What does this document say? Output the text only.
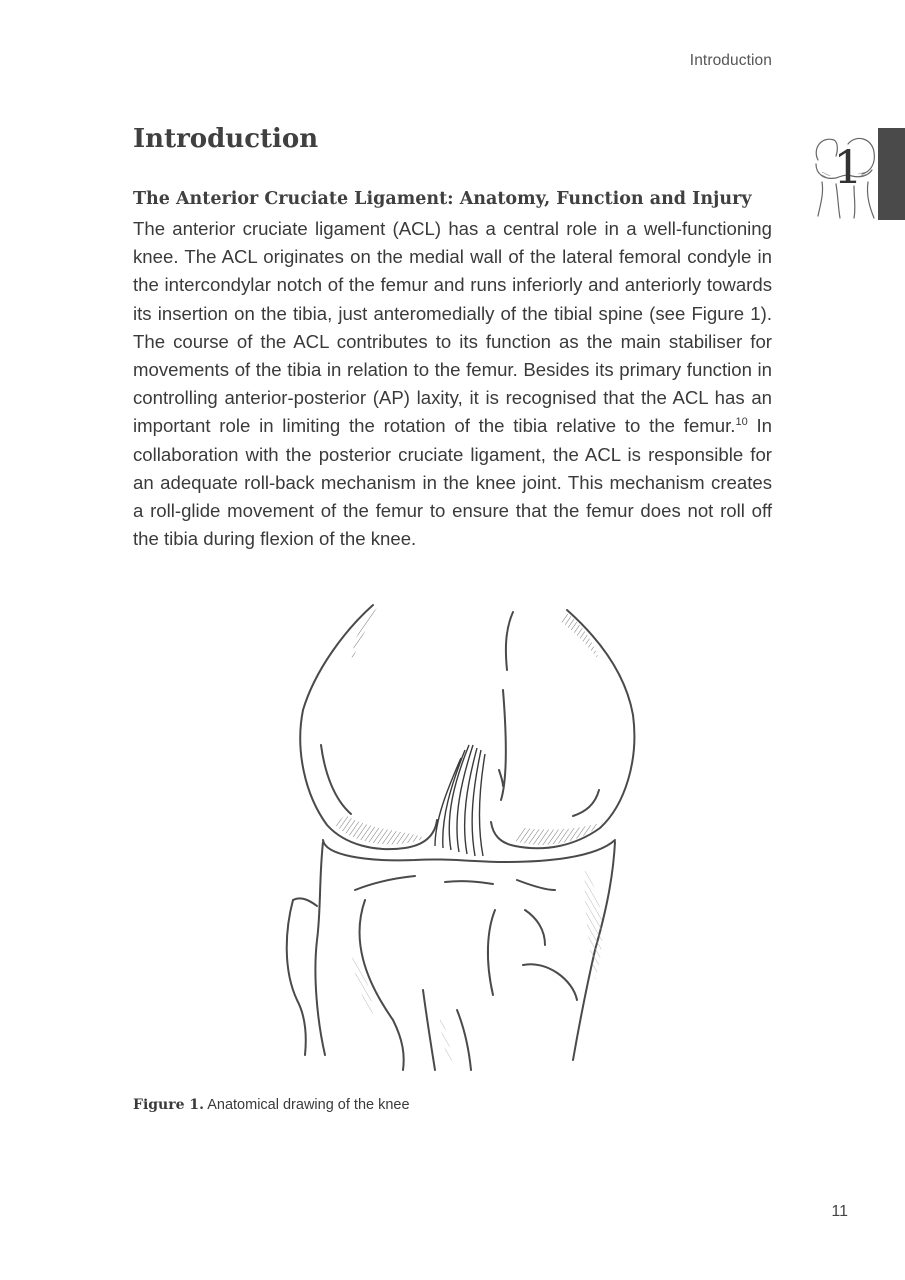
Introduction
1
Introduction
The Anterior Cruciate Ligament: Anatomy, Function and Injury

The anterior cruciate ligament (ACL) has a central role in a well-functioning knee. The ACL originates on the medial wall of the lateral femoral condyle in the intercondylar notch of the femur and runs inferiorly and anteriorly towards its insertion on the tibia, just anteromedially of the tibial spine (see Figure 1). The course of the ACL contributes to its function as the main stabiliser for movements of the tibia in relation to the femur. Besides its primary function in controlling anterior-posterior (AP) laxity, it is recognised that the ACL has an important role in limiting the rotation of the tibia relative to the femur.$^{10}$ In collaboration with the posterior cruciate ligament, the ACL is responsible for an adequate roll-back mechanism in the knee joint. This mechanism creates a roll-glide movement of the femur to ensure that the femur does not roll off the tibia during flexion of the knee.

Figure 1. Anatomical drawing of the knee
11
